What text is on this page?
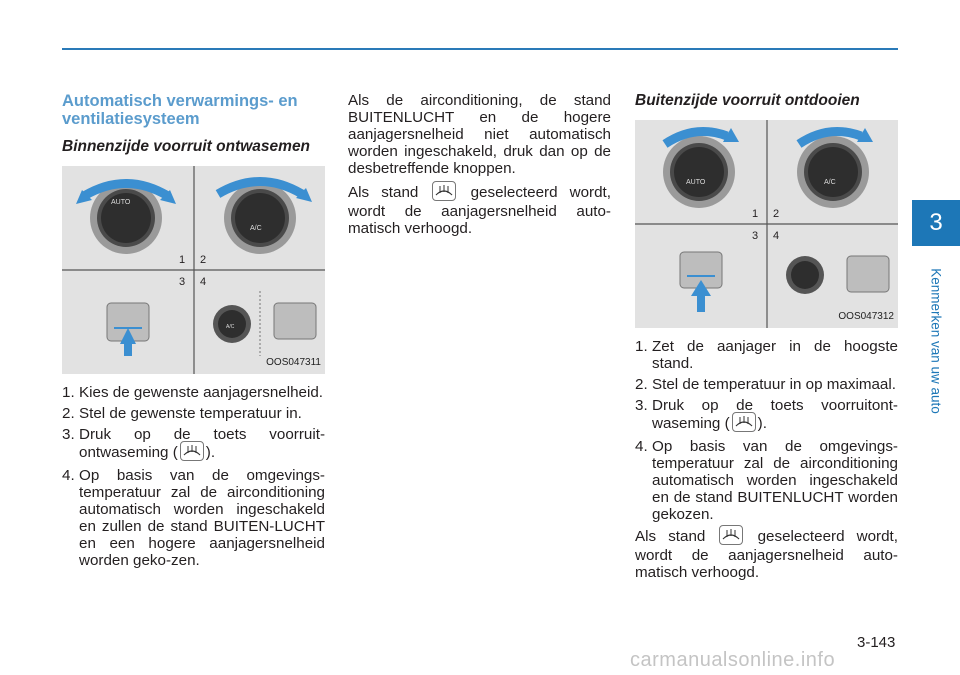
3
Kenmerken van uw auto
Automatisch verwarmings- en ventilatiesysteem
Binnenzijde voorruit ontwasemen
AUTO
A/C
A/C
1 2
3 4
OOS047311
1. Kies de gewenste aanjagersnelheid.
2. Stel de gewenste temperatuur in.
3. Druk op de toets voorruit-ontwaseming ( ).
4. Op basis van de omgevings-temperatuur zal de airconditioning automatisch worden ingeschakeld en zullen de stand BUITEN-LUCHT en een hogere aanjagersnelheid worden geko-zen.

Als de airconditioning, de stand BUITENLUCHT en de hogere aanjagersnelheid niet automatisch worden ingeschakeld, druk dan op de desbetreffende knoppen.

Als stand	geselecteerd wordt, wordt de aanjagersnelheid auto-matisch verhoogd.

Buitenzijde voorruit ontdooien
AUTO	A/C
1 2
3 4
OOS047312
1. Zet de aanjager in de hoogste stand.
2. Stel de temperatuur in op maximaal.
3. Druk op de toets voorruitont-waseming ( ).
4. Op basis van de omgevings-temperatuur zal de airconditioning automatisch worden ingeschakeld en de stand BUITENLUCHT worden gekozen.

Als stand	geselecteerd wordt, wordt de aanjagersnelheid auto-matisch verhoogd.

3-143
carmanualsonline.info
